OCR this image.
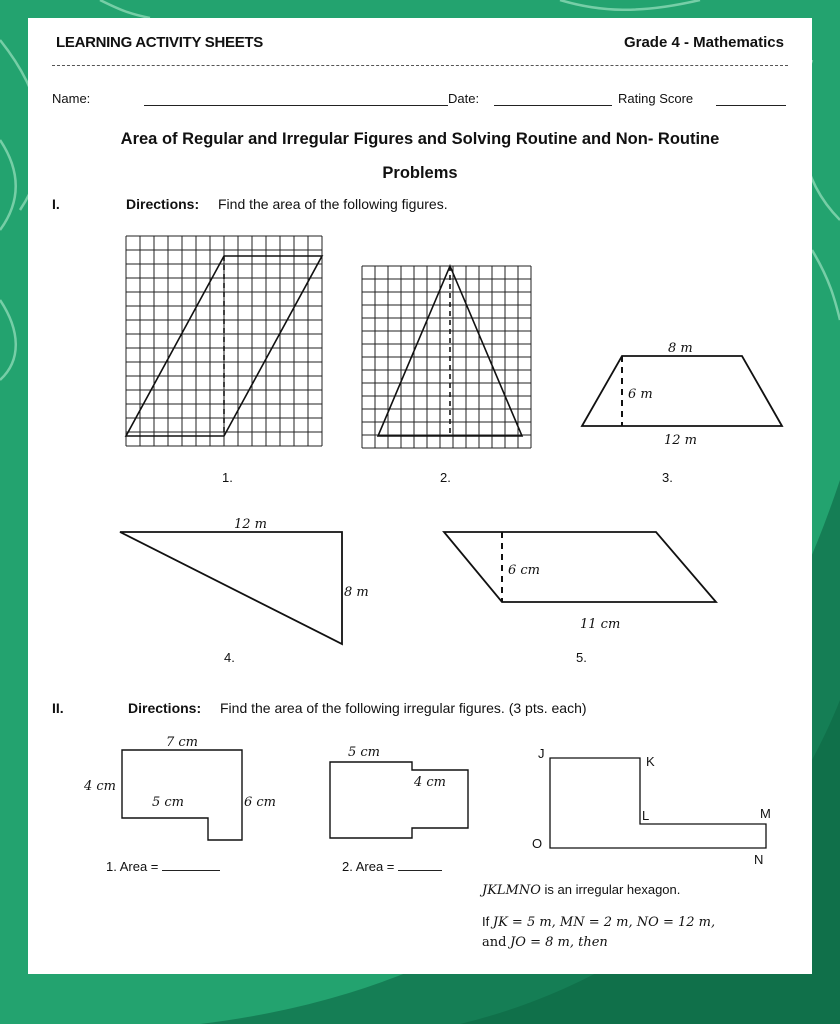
LEARNING ACTIVITY SHEETS	Grade 4 - Mathematics
Name:	Date:	Rating Score
Area of Regular and Irregular Figures and Solving Routine and Non- Routine
Problems
I.	Directions: Find the area of the following figures.
1.	2.
8 m
6 m
12 m
3.
12 m
8 m
4.
6 cm
11 cm
5.
II.	Directions: Find the area of the following irregular figures. (3 pts. each)
7 cm
4 cm
5 cm	6 cm
1. Area =
5 cm
4 cm
2. Area =
J
K
L	M
O
N
JKLMNO is an irregular hexagon.
If JK = 5 m, MN = 2 m, NO = 12 m,
and JO = 8 m, then
